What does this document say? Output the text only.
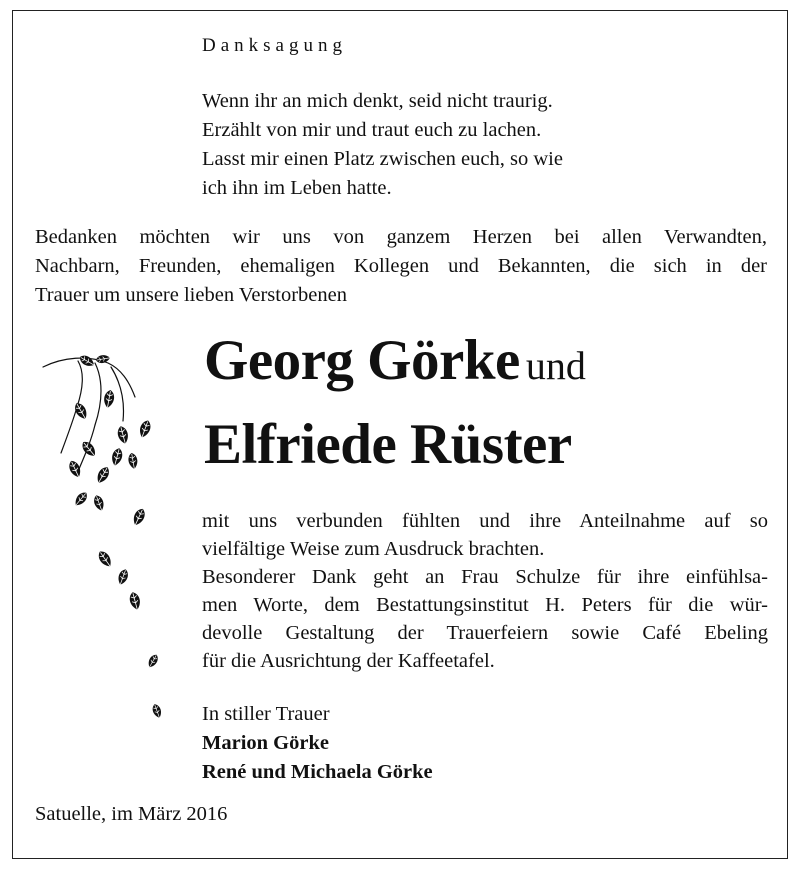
Danksagung
Wenn ihr an mich denkt, seid nicht traurig.
Erzählt von mir und traut euch zu lachen.
Lasst mir einen Platz zwischen euch, so wie
ich ihn im Leben hatte.
Bedanken möchten wir uns von ganzem Herzen bei allen Verwandten,
Nachbarn, Freunden, ehemaligen Kollegen und Bekannten, die sich in der
Trauer um unsere lieben Verstorbenen
Georg Görke und
Elfriede Rüster
mit uns verbunden fühlten und ihre Anteilnahme auf so
vielfältige Weise zum Ausdruck brachten.
Besonderer Dank geht an Frau Schulze für ihre einfühlsa-
men Worte, dem Bestattungsinstitut H. Peters für die wür-
devolle Gestaltung der Trauerfeiern sowie Café Ebeling
für die Ausrichtung der Kaffeetafel.
In stiller Trauer
Marion Görke
René und Michaela Görke
Satuelle, im März 2016
